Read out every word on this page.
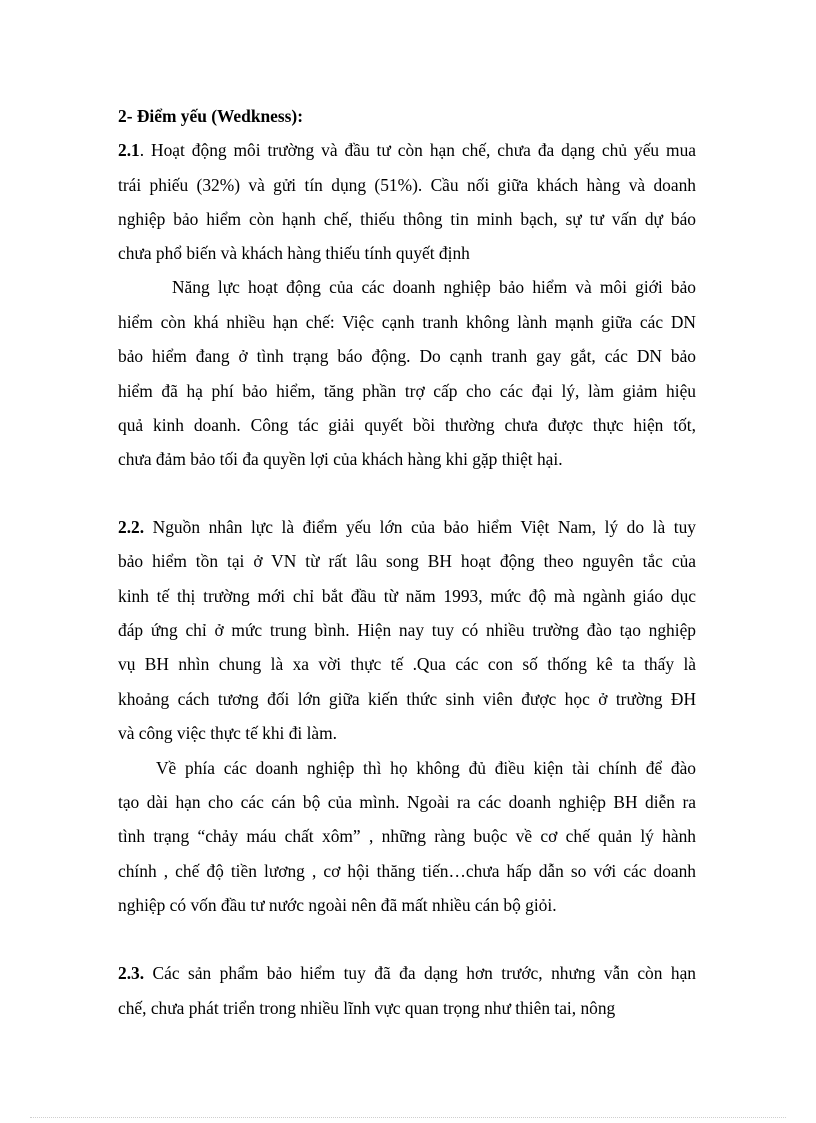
2- Điểm yếu (Wedkness):
2.1. Hoạt động môi trường và đầu tư còn hạn chế, chưa đa dạng chủ yếu mua
trái phiếu (32%) và gửi tín dụng (51%). Cầu nối giữa khách hàng và doanh
nghiệp bảo hiểm còn hạnh chế, thiếu thông tin minh bạch, sự tư vấn dự báo
chưa phổ biến và khách hàng thiếu tính quyết định
Năng lực hoạt động của các doanh nghiệp bảo hiểm và môi giới bảo
hiểm còn khá nhiều hạn chế: Việc cạnh tranh không lành mạnh giữa các DN
bảo hiểm đang ở tình trạng báo động. Do cạnh tranh gay gắt, các DN bảo
hiểm đã hạ phí bảo hiểm, tăng phần trợ cấp cho các đại lý, làm giảm hiệu
quả kinh doanh. Công tác giải quyết bồi thường chưa được thực hiện tốt,
chưa đảm bảo tối đa quyền lợi của khách hàng khi gặp thiệt hại.
2.2. Nguồn nhân lực là điểm yếu lớn của bảo hiểm Việt Nam, lý do là tuy
bảo hiểm tồn tại ở VN từ rất lâu song BH hoạt động theo nguyên tắc của
kinh tế thị trường mới chỉ bắt đầu từ năm 1993, mức độ mà ngành giáo dục
đáp ứng chỉ ở mức trung bình. Hiện nay tuy có nhiều trường đào tạo nghiệp
vụ BH nhìn chung là xa vời thực tế .Qua các con số thống kê ta thấy là
khoảng cách tương đối lớn giữa kiến thức sinh viên được học ở trường ĐH
và công việc thực tế khi đi làm.
Về phía các doanh nghiệp thì họ không đủ điều kiện tài chính để đào
tạo dài hạn cho các cán bộ của mình. Ngoài ra các doanh nghiệp BH diễn ra
tình trạng “chảy máu chất xôm” , những ràng buộc về cơ chế quản lý hành
chính , chế độ tiền lương , cơ hội thăng tiến…chưa hấp dẫn so với các doanh
nghiệp có vốn đầu tư nước ngoài nên đã mất nhiều cán bộ giỏi.
2.3. Các sản phẩm bảo hiểm tuy đã đa dạng hơn trước, nhưng vẫn còn hạn
chế, chưa phát triển trong nhiều lĩnh vực quan trọng như thiên tai, nông
